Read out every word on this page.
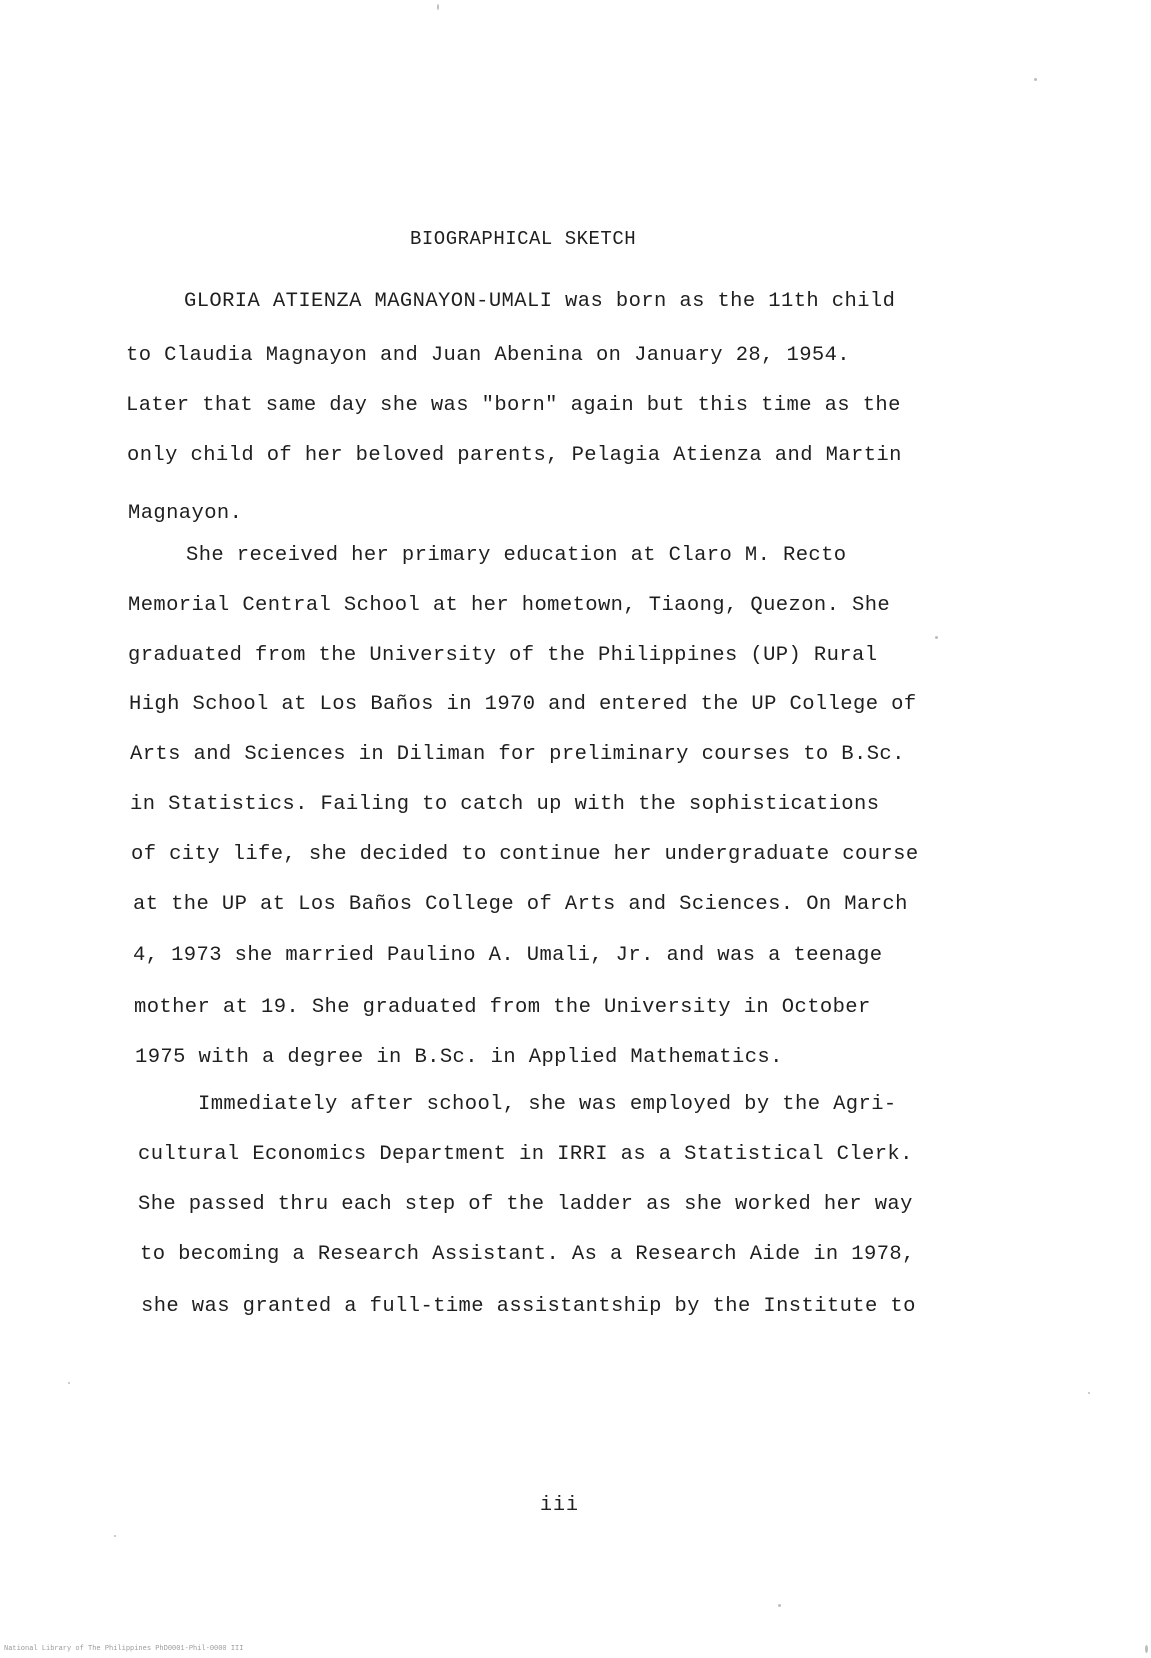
BIOGRAPHICAL SKETCH
GLORIA ATIENZA MAGNAYON-UMALI was born as the 11th child
to Claudia Magnayon and Juan Abenina on January 28, 1954.
Later that same day she was "born" again but this time as the
only child of her beloved parents, Pelagia Atienza and Martin
Magnayon.
She received her primary education at Claro M. Recto
Memorial Central School at her hometown, Tiaong, Quezon. She
graduated from the University of the Philippines (UP) Rural
High School at Los Baños in 1970 and entered the UP College of
Arts and Sciences in Diliman for preliminary courses to B.Sc.
in Statistics. Failing to catch up with the sophistications
of city life, she decided to continue her undergraduate course
at the UP at Los Baños College of Arts and Sciences. On March
4, 1973 she married Paulino A. Umali, Jr. and was a teenage
mother at 19. She graduated from the University in October
1975 with a degree in B.Sc. in Applied Mathematics.
Immediately after school, she was employed by the Agri-
cultural Economics Department in IRRI as a Statistical Clerk.
She passed thru each step of the ladder as she worked her way
to becoming a Research Assistant. As a Research Aide in 1978,
she was granted a full-time assistantship by the Institute to
iii
National Library of The Philippines PhD0001-Phil-0000 III
